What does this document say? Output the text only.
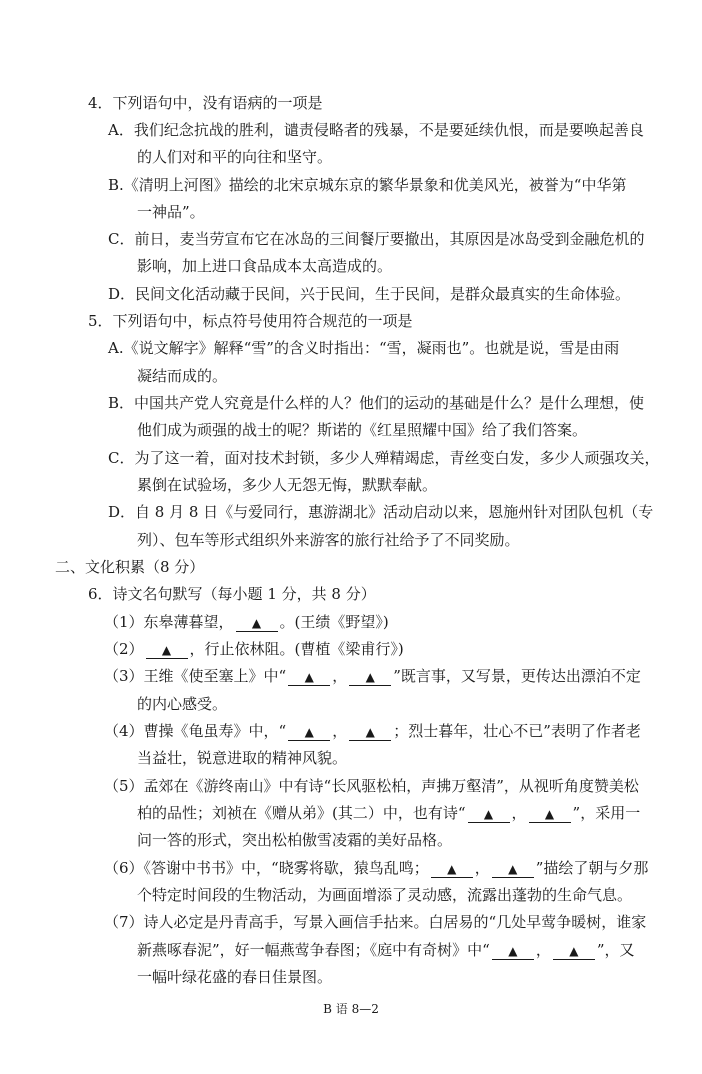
4．下列语句中，没有语病的一项是
A．我们纪念抗战的胜利，谴责侵略者的残暴，不是要延续仇恨，而是要唤起善良
的人们对和平的向往和坚守。
B.《清明上河图》描绘的北宋京城东京的繁华景象和优美风光，被誉为“中华第
一神品”。
C．前日，麦当劳宣布它在冰岛的三间餐厅要撤出，其原因是冰岛受到金融危机的
影响，加上进口食品成本太高造成的。
D．民间文化活动藏于民间，兴于民间，生于民间，是群众最真实的生命体验。
5．下列语句中，标点符号使用符合规范的一项是
A.《说文解字》解释“雪”的含义时指出：“雪，凝雨也”。也就是说，雪是由雨
凝结而成的。
B．中国共产党人究竟是什么样的人？他们的运动的基础是什么？是什么理想，使
他们成为顽强的战士的呢？斯诺的《红星照耀中国》给了我们答案。
C．为了这一着，面对技术封锁，多少人殚精竭虑，青丝变白发，多少人顽强攻关，
累倒在试验场，多少人无怨无悔，默默奉献。
D．自 8 月 8 日《与爱同行，惠游湖北》活动启动以来，恩施州针对团队包机（专
列）、包车等形式组织外来游客的旅行社给予了不同奖励。
二、文化积累（8 分）
6．诗文名句默写（每小题 1 分，共 8 分）
（1）东皋薄暮望， ▲ 。(王绩《野望》)
（2） ▲ ，行止依林阻。(曹植《梁甫行》)
（3）王维《使至塞上》中“ ▲ ， ▲ ”既言事，又写景，更传达出漂泊不定
的内心感受。
（4）曹操《龟虽寿》中，“ ▲ ， ▲ ；烈士暮年，壮心不已”表明了作者老
当益壮，锐意进取的精神风貌。
（5）孟郊在《游终南山》中有诗“长风驱松柏，声拂万壑清”，从视听角度赞美松
柏的品性；刘祯在《赠从弟》(其二）中，也有诗“ ▲ ， ▲ ”，采用一
问一答的形式，突出松柏傲雪凌霜的美好品格。
（6）《答谢中书书》中，“晓雾将歇，猿鸟乱鸣； ▲ ， ▲ ”描绘了朝与夕那
个特定时间段的生物活动，为画面增添了灵动感，流露出蓬勃的生命气息。
（7）诗人必定是丹青高手，写景入画信手拈来。白居易的“几处早莺争暖树，谁家
新燕啄春泥”，好一幅燕莺争春图；《庭中有奇树》中“ ▲ ， ▲ ”，又
一幅叶绿花盛的春日佳景图。
B 语 8—2
